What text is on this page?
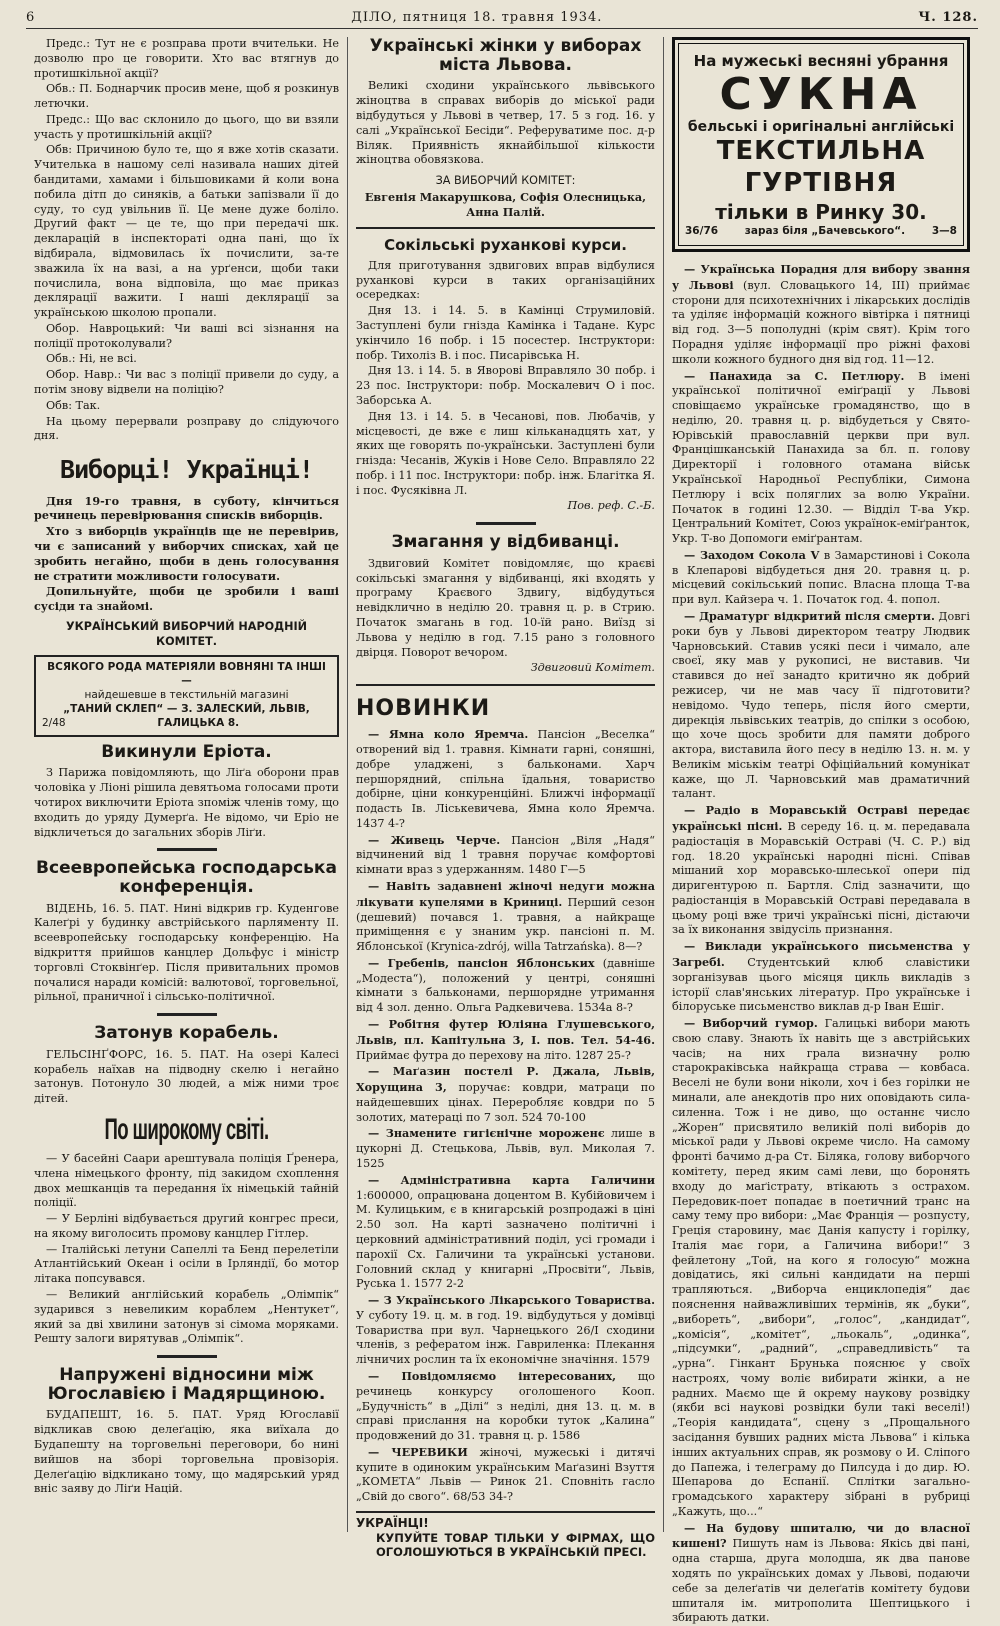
6	ДІЛО, пятниця 18. травня 1934.	Ч. 128.

Предс.: Тут не є розправа проти вчительки. Не дозволю про це говорити. Хто вас втягнув до протишкільної акції?

Обв.: П. Боднарчик просив мене, щоб я розкинув летючки.

Предс.: Що вас склонило до цього, що ви взяли участь у протишкільній акції?

Обв: Причиною було те, що я вже хотів сказати. Учителька в нашому селі називала наших дітей бандитами, хамами і більшовиками й коли вона побила дітп до синяків, а батьки запізвали її до суду, то суд увільнив її. Це мене дуже боліло. Другий факт — це те, що при передачі шк. декларацій в інспектораті одна пані, що їх відбирала, відмовилась їх почислити, за-те зважила їх на вазі, а на урґенси, щоби таки почислила, вона відповіла, що має приказ деклярації важити. І наші деклярації за українською школою пропали.

Обор. Навроцький: Чи ваші всі зізнання на поліції протоколували?

Обв.: Ні, не всі.

Обор. Навр.: Чи вас з поліції привели до суду, а потім знову відвели на поліцію?

Обв: Так.

На цьому перервали розправу до слідуючого дня.

Виборці! Українці!

Дня 19-го травня, в суботу, кінчиться речинець перевірювання списків виборців.

Хто з виборців українців ще не перевірив, чи є записаний у виборчих списках, хай це зробить негайно, щоби в день голосування не стратити можливости голосувати.

Допильнуйте, щоби це зробили і ваші сусіди та знайомі.

УКРАЇНСЬКИЙ ВИБОРЧИЙ НАРОДНІЙ КОМІТЕТ.

ВСЯКОГО РОДА МАТЕРІЯЛИ ВОВНЯНІ ТА ІНШІ —
найдешевше в текстильній магазині
„ТАНИЙ СКЛЕП“ — З. ЗАЛЕСКИЙ, ЛЬВІВ,
2/48	ГАЛИЦЬКА 8.
Викинули Еріота.

З Парижа повідомляють, що Ліґа оборони прав чоловіка у Ліоні рішила девятьома голосами проти чотирох виключити Еріота зпоміж членів тому, що входить до уряду Думерґа. Не відомо, чи Еріо не відкличеться до загальних зборів Ліґи.

Всеевропейська господарська конференція.

ВІДЕНЬ, 16. 5. ПАТ. Нині відкрив гр. Куденгове Калеґрі у будинку австрійського парляменту II. всеевропейську господарську конференцію. На відкриття прийшов канцлер Дольфус і міністр торговлі Стоквінґер. Після привитальних промов почалися наради комісій: валютової, торговельної, рільної, праничної і сільсько-політичної.

Затонув корабель.

ГЕЛЬСІНҐФОРС, 16. 5. ПАТ. На озері Калесі корабель наїхав на підводну скелю і негайно затонув. Потонуло 30 людей, а між ними троє дітей.

По широкому світі.

— У басейні Саари арештувала поліція Ґренера, члена німецького фронту, під закидом схоплення двох мешканців та передання їх німецькій тайній поліції.

— У Берліні відбувається другий конгрес преси, на якому виголосить промову канцлер Гітлер.

— Італійські летуни Сапеллі та Бенд перелетіли Атлантійський Океан і осіли в Ірляндії, бо мотор літака попсувався.

— Великий англійський корабель „Олімпік“ зударився з невеликим кораблем „Нентукет“, який за дві хвилини затонув зі сімома моряками. Решту залоги вирятував „Олімпік“.

Напружені відносини між Югославією і Мадярщиною.

БУДАПЕШТ, 16. 5. ПАТ. Уряд Югославії відкликав свою делеґацію, яка виїхала до Будапешту на торговельні переговори, бо нині вийшов на зборі торговельна провізорія. Делеґацію відкликано тому, що мадярський уряд вніс заяву до Ліґи Націй.

Українські жінки у виборах міста Львова.

Великі сходини українського львівського жіноцтва в справах виборів до міської ради відбудуться у Львові в четвер, 17. 5 з год. 16. у салі „Української Бесіди“. Реферуватиме пос. д-р Віляк. Приявність якнайбільшої кількости жіноцтва обовязкова.

ЗА ВИБОРЧИЙ КОМІТЕТ:

Евгенія Макарушкова, Софія Олесницька, Анна Палій.

Сокільські руханкові курси.

Для приготування здвигових вправ відбулися руханкові курси в таких організаційних осередках:

Дня 13. і 14. 5. в Камінці Струмиловій. Заступлені були гнізда Камінка і Тадане. Курс укінчило 16 побр. і 15 посестер. Інструктори: побр. Тихоліз В. і пос. Писарівська Н.

Дня 13. і 14. 5. в Яворові Вправляло 30 побр. і 23 пос. Інструктори: побр. Москалевич О і пос. Заборська А.

Дня 13. і 14. 5. в Чесанові, пов. Любачів, у місцевості, де вже є лиш кільканадцять хат, у яких ще говорять по-українськи. Заступлені були гнізда: Чесанів, Жуків і Нове Село. Вправляло 22 побр. і 11 пос. Інструктори: побр. інж. Благітка Я. і пос. Фусяківна Л.

Пов. реф. С.-Б.

Змагання у відбиванці.

Здвиговий Комітет повідомляє, що краєві сокільські змагання у відбиванці, які входять у програму Краєвого Здвигу, відбудуться невідклично в неділю 20. травня ц. р. в Стрию. Початок змагань в год. 10-їй рано. Виїзд зі Львова у неділю в год. 7.15 рано з головного двірця. Поворот вечором.

Здвиговий Комітет.

НОВИНКИ

— Ямна коло Яремча. Пансіон „Веселка“ отворений від 1. травня. Кімнати гарні, соняшні, добре уладжені, з бальконами. Харч першорядний, спільна їдальня, товариство добірне, ціни конкуренційні. Ближчі інформації подасть Ів. Ліськевичева, Ямна коло Яремча. 1437 4-?

— Живець Черче. Пансіон „Віля „Надя“ відчинений від 1 травня поручає комфортові кімнати враз з удержанням. 1480 Г—5

— Навіть задавнені жіночі недуги можна лікувати купелями в Криниці. Перший сезон (дешевий) почався 1. травня, а найкраще приміщення є у знаним укр. пансіоні п. М. Яблонської (Krynica-zdrój, willa Tatrzańska). 8—?

— Гребенів, пансіон Яблонських (давніше „Модеста“), положений у центрі, соняшні кімнати з бальконами, першорядне утримання від 4 зол. денно. Ольга Радкевичева. 1534а 8-?

— Робітня футер Юліяна Глушевського, Львів, пл. Капітульна 3, І. пов. Тел. 54-46. Приймає футра до перехову на літо. 1287 25-?

— Маґазин постелі Р. Джала, Львів, Хорущина 3, поручає: ковдри, матраци по найдешевших цінах. Переробляє ковдри по 5 золотих, матераці по 7 зол. 524 70-100

— Знамените гигієнічне мороженє лише в цукорні Д. Стецькова, Львів, вул. Миколая 7. 1525

— Адміністративна карта Галичини 1:600000, опрацювана доцентом В. Кубійовичем і М. Кулицьким, є в книгарській розпродажі в ціні 2.50 зол. На карті зазначено політичні і церковний адміністративний поділ, усі громади і парохії Сх. Галичини та українські установи. Головний склад у книгарні „Просвіти“, Львів, Руська 1. 1577 2-2

— З Українського Лікарського Товариства. У суботу 19. ц. м. в год. 19. відбудуться у домівці Товариства при вул. Чарнецького 26/І сходини членів, з рефератом інж. Гавриленка: Плекання лічничих рослин та їх економічне значіння. 1579

— Повідомляємо інтересованих, що речинець конкурсу оголошеного Кооп. „Будучність“ в „Ділі“ з неділі, дня 13. ц. м. в справі прислання на коробки туток „Калина“ продовжений до 31. травня ц. р. 1586

— ЧЕРЕВИКИ жіночі, мужеські і дитячі купите в одиноким українським Маґазині Взуття „КОМЕТА“ Львів — Ринок 21. Сповніть гасло „Свій до свого“. 68/53 34-?

УКРАЇНЦІ!
КУПУЙТЕ ТОВАР ТІЛЬКИ У ФІРМАХ, ЩО ОГОЛОШУЮТЬСЯ В УКРАЇНСЬКІЙ ПРЕСІ.
На мужеські весняні убрання
СУКНА
бельські і оригінальні англійські
ТЕКСТИЛЬНА ГУРТІВНЯ
тільки в Ринку 30.
36/76	зараз біля „Бачевського“.	3—8

— Українська Порадня для вибору звання у Львові (вул. Словацького 14, ІІІ) приймає сторони для психотехнічних і лікарських дослідів та уділяє інформацій кожного вівтірка і пятниці від год. 3—5 пополудні (крім свят). Крім того Порадня уділяє інформації про ріжні фахові школи кожного будного дня від год. 11—12.

— Панахида за С. Петлюру. В імені української політичної еміґрації у Львові сповіщаємо українське громадянство, що в неділю, 20. травня ц. р. відбудеться у Свято-Юрівській православній церкви при вул. Францішканській Панахида за бл. п. голову Директорії і головного отамана військ Української Народньої Республіки, Симона Петлюру і всіх поляглих за волю України. Початок в годині 12.30. — Відділ Т-ва Укр. Центральний Комітет, Союз українок-еміґранток, Укр. Т-во Допомоги еміґрантам.

— Заходом Сокола V в Замарстинові і Сокола в Клепарові відбудеться дня 20. травня ц. р. місцевий сокільський попис. Власна площа Т-ва при вул. Кайзера ч. 1. Початок год. 4. попол.

— Драматург відкритий після смерти. Довгі роки був у Львові директором театру Людвик Чарновський. Ставив усякі песи і чимало, але своєї, яку мав у рукописі, не виставив. Чи ставився до неї занадто критично як добрий режисер, чи не мав часу її підготовити? невідомо. Чудо теперь, після його смерти, дирекція львівських театрів, до спілки з особою, що хоче щось зробити для памяти доброго актора, виставила його песу в неділю 13. н. м. у Великім міськім театрі Офіційальний комунікат каже, що Л. Чарновський мав драматичний талант.

— Радіо в Моравській Остраві передає українські пісні. В середу 16. ц. м. передавала радіостація в Моравській Остраві (Ч. С. Р.) від год. 18.20 українські народні пісні. Співав мішаний хор моравсько-шлеської опери під диригентурою п. Бартля. Слід зазначити, що радіостанція в Моравській Остраві передавала в цьому році вже тричі українські пісні, дістаючи за їх виконання звідусіль признання.

— Виклади українського письменства у Загребі. Студентський клюб славістики зорганізував цього місяця цикль викладів з історії слав'янських літератур. Про українське і білоруське письменство виклав д-р Іван Ешіг.

— Виборчий гумор. Галицькі вибори мають свою славу. Знають їх навіть ще з австрійських часів; на них грала визначну ролю старокраківська найкраща страва — ковбаса. Веселі не були вони ніколи, хоч і без горілки не минали, але анекдотів про них оповідають сила-силенна. Тож і не диво, що останнє число „Жорен“ присвятило великій полі виборів до міської ради у Львові окреме число. На самому фронті бачимо д-ра Ст. Біляка, голову виборчого комітету, перед яким самі леви, що боронять входу до маґістрату, втікають з острахом. Передовик-поет попадає в поетичний транс на саму тему про вибори: „Має Франція — розпусту, Греція старовину, має Данія капусту і горілку, Італія має гори, а Галичина вибори!“ З фейлетону „Той, на кого я голосую“ можна довідатись, які сильні кандидати на перші трапляються. „Виборча енциклопедія“ дає пояснення найважливіших термінів, як „буки“, „вибореть“, „вибори“, „голос“, „кандидат“, „комісія“, „комітет“, „льокаль“, „одинка“, „підсумки“, „радний“, „справедливість“ та „урна“. Гінкант Брунька пояснює у своїх настроях, чому воліє вибирати жінки, а не радних. Маємо ще й окрему наукову розвідку (якби всі наукові розвідки були такі веселі!) „Теорія кандидата“, сцену з „Прощального засідання бувших радних міста Львова“ і кілька інших актуальних справ, як розмову о И. Сліпого до Папежа, і телеграму до Пилсуда і до дир. Ю. Шепарова до Еспанії. Сплітки загально-громадського характеру зібрані в рубриці „Кажуть, що...“

— На будову шпиталю, чи до власної кишені? Пишуть нам із Львова: Якісь дві пані, одна старша, друга молодша, як два панове ходять по українських домах у Львові, подаючи себе за делеґатів чи делеґатів комітету будови шпиталя ім. митрополита Шептицького і збирають датки.
